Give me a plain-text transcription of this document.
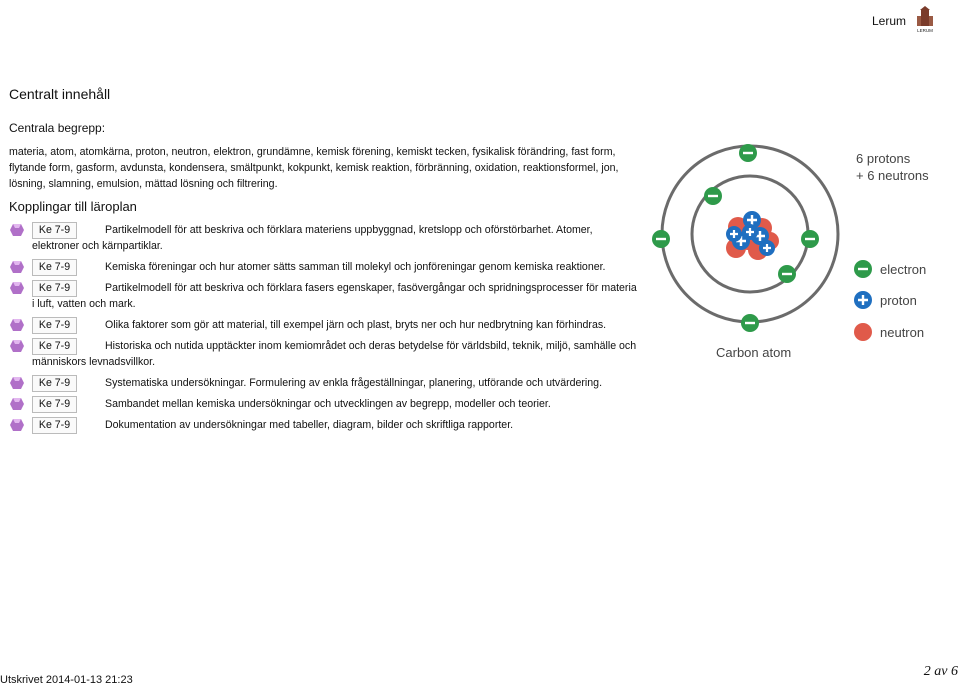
Lerum
LERUM
Centralt innehåll
Centrala begrepp:
materia, atom, atomkärna, proton, neutron, elektron, grundämne, kemisk förening, kemiskt tecken, fysikalisk förändring, fast form, flytande form, gasform, avdunsta, kondensera, smältpunkt, kokpunkt, kemisk reaktion, förbränning, oxidation, reaktionsformel, jon, lösning, slamning, emulsion, mättad lösning och filtrering.
Kopplingar till läroplan
Ke 7-9	Partikelmodell för att beskriva och förklara materiens uppbyggnad, kretslopp och oförstörbarhet. Atomer, elektroner och kärnpartiklar.
Ke 7-9	Kemiska föreningar och hur atomer sätts samman till molekyl och jonföreningar genom kemiska reaktioner.
Ke 7-9	Partikelmodell för att beskriva och förklara fasers egenskaper, fasövergångar och spridningsprocesser för materia i luft, vatten och mark.
Ke 7-9	Olika faktorer som gör att material, till exempel järn och plast, bryts ner och hur nedbrytning kan förhindras.
Ke 7-9	Historiska och nutida upptäckter inom kemiområdet och deras betydelse för världsbild, teknik, miljö, samhälle och människors levnadsvillkor.
Ke 7-9	Systematiska undersökningar. Formulering av enkla frågeställningar, planering, utförande och utvärdering.
Ke 7-9	Sambandet mellan kemiska undersökningar och utvecklingen av begrepp, modeller och teorier.
Ke 7-9	Dokumentation av undersökningar med tabeller, diagram, bilder och skriftliga rapporter.
6 protons
+ 6 neutrons
electron
proton
neutron
Carbon atom
Utskrivet 2014-01-13 21:23
2 av 6
